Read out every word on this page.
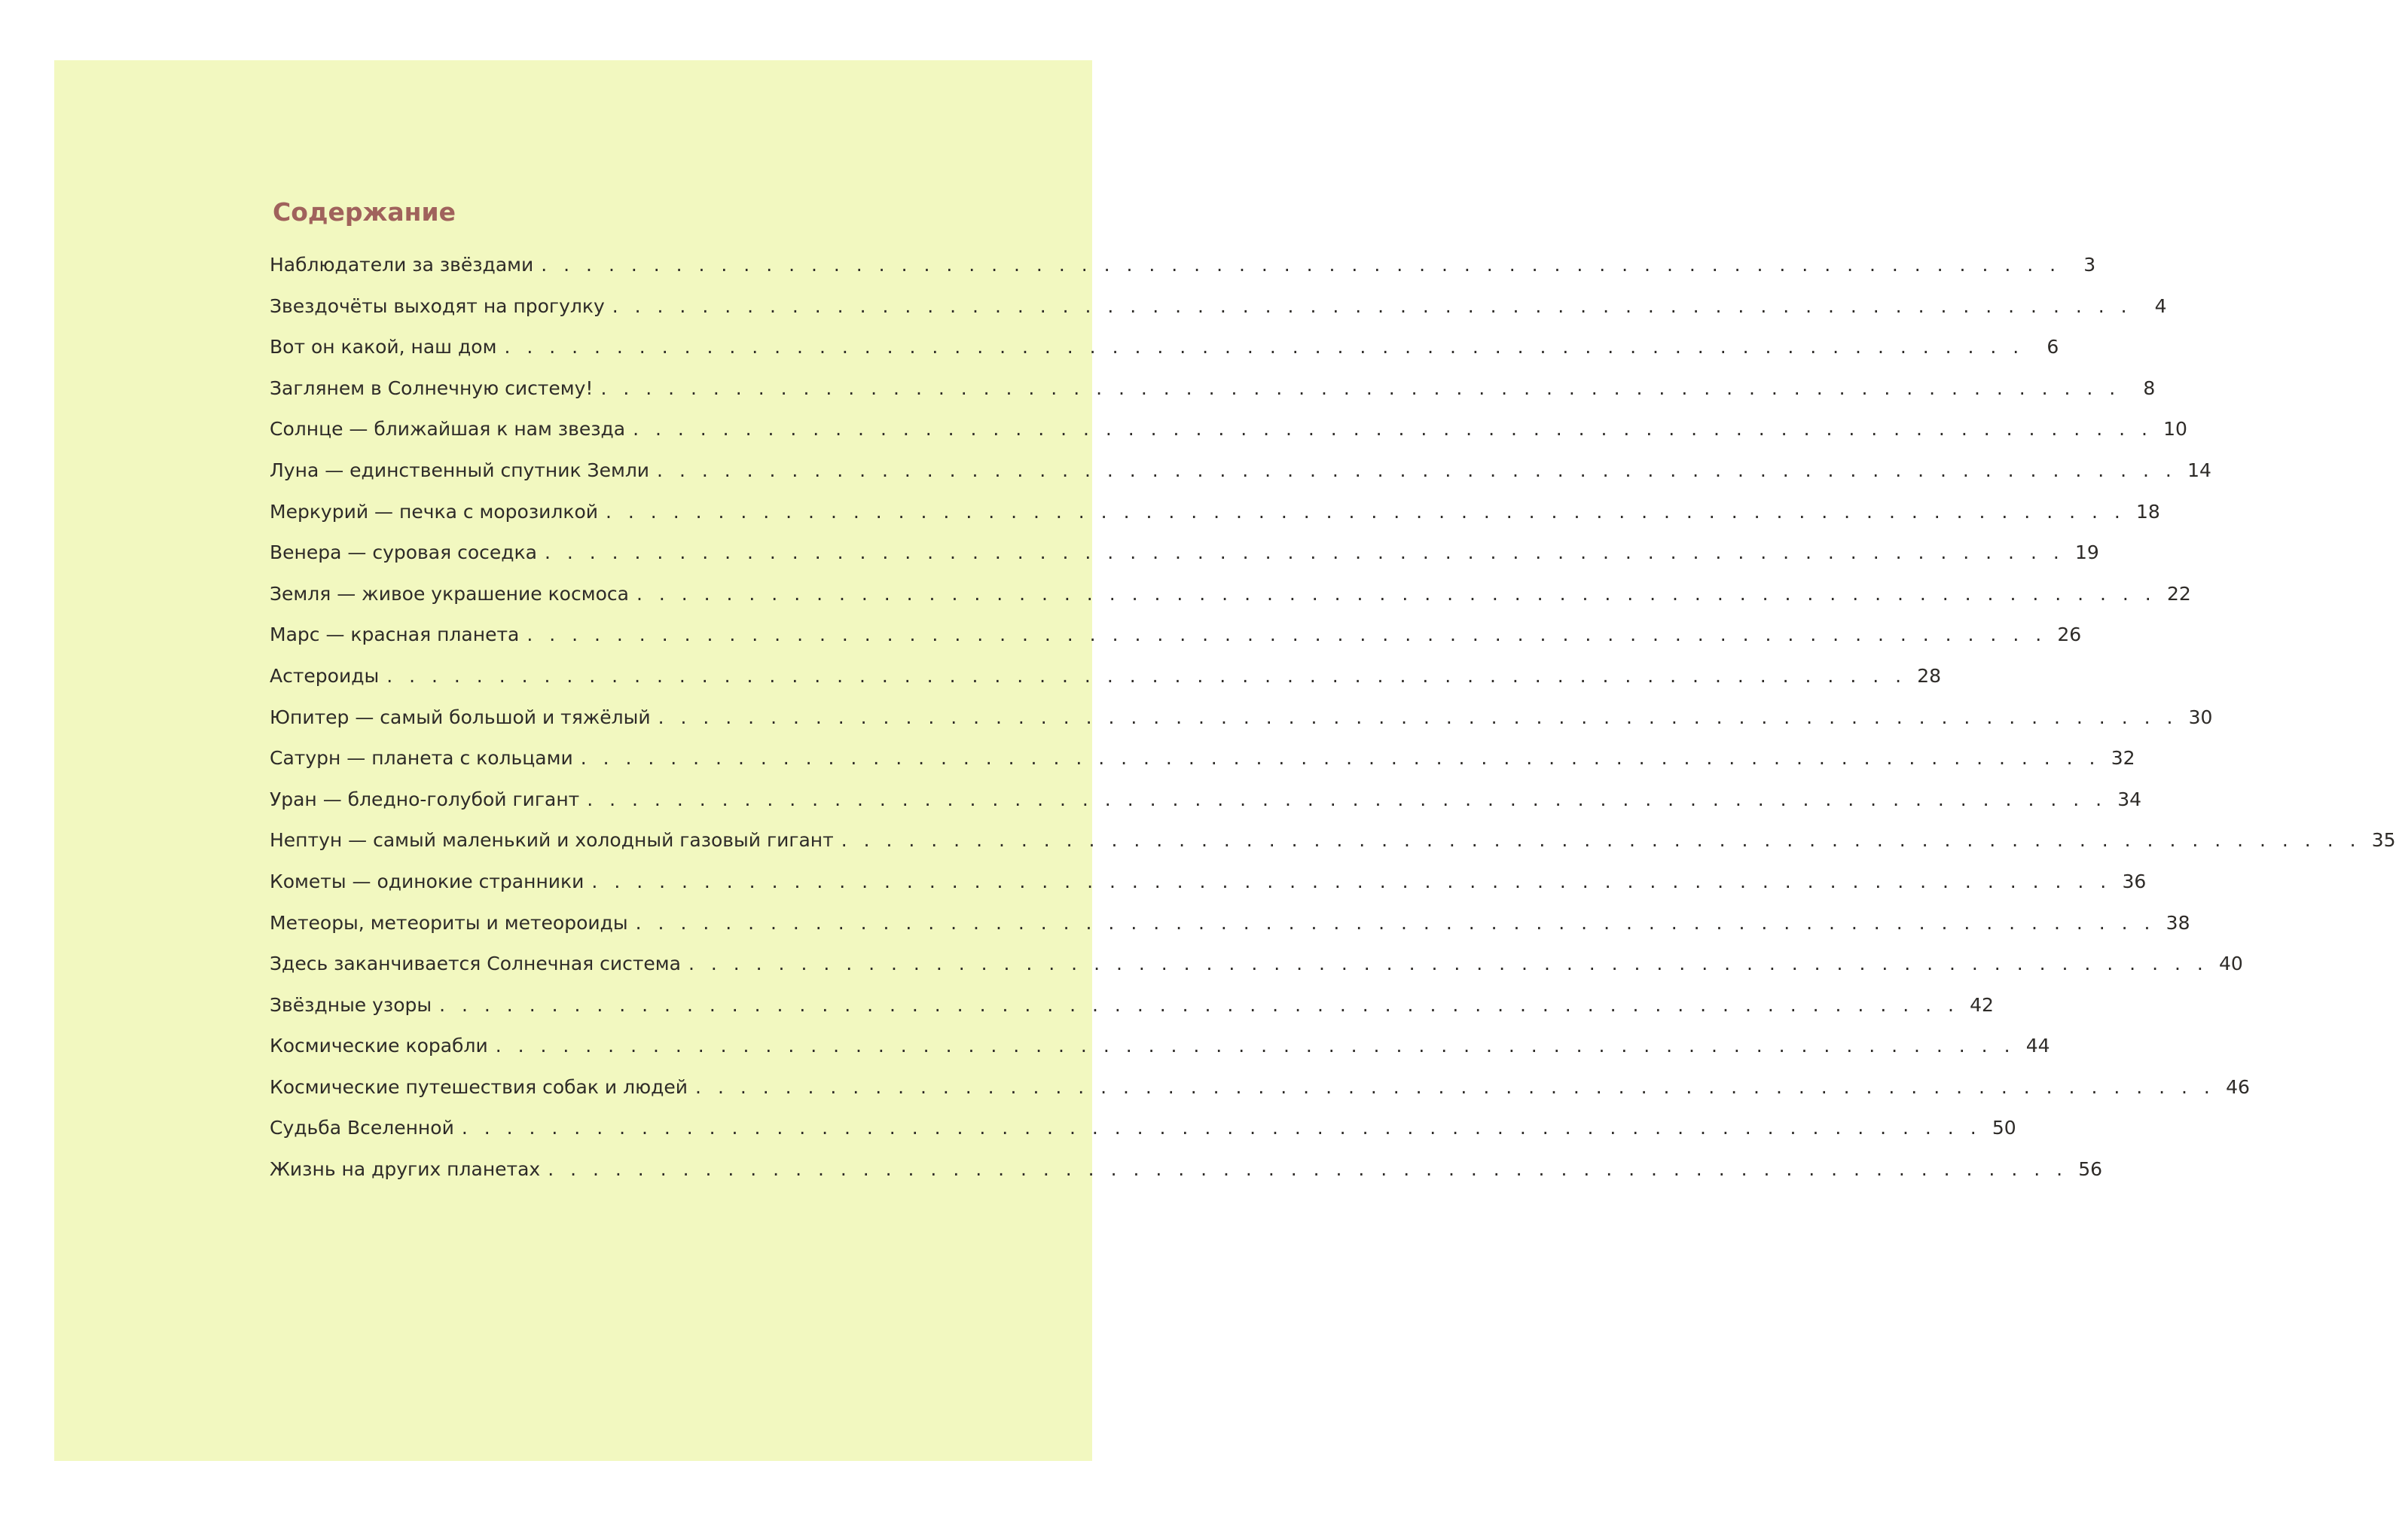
Содержание
Наблюдатели за звёздами . . . . . . . . . . . . . . . . . . . . . . . . . . . . . . . . . . . . . . . . . . . . . . . . . . . . . . . . . . . . . . . . . . . .	3
Звездочёты выходят на прогулку . . . . . . . . . . . . . . . . . . . . . . . . . . . . . . . . . . . . . . . . . . . . . . . . . . . . . . . . . . . . . . . . . . . .	4
Вот он какой, наш дом . . . . . . . . . . . . . . . . . . . . . . . . . . . . . . . . . . . . . . . . . . . . . . . . . . . . . . . . . . . . . . . . . . . .	6
Заглянем в Солнечную систему! . . . . . . . . . . . . . . . . . . . . . . . . . . . . . . . . . . . . . . . . . . . . . . . . . . . . . . . . . . . . . . . . . . . .	8
Солнце — ближайшая к нам звезда . . . . . . . . . . . . . . . . . . . . . . . . . . . . . . . . . . . . . . . . . . . . . . . . . . . . . . . . . . . . . . . . . . . . 10
Луна — единственный спутник Земли . . . . . . . . . . . . . . . . . . . . . . . . . . . . . . . . . . . . . . . . . . . . . . . . . . . . . . . . . . . . . . . . . . . . 14
Меркурий — печка с морозилкой . . . . . . . . . . . . . . . . . . . . . . . . . . . . . . . . . . . . . . . . . . . . . . . . . . . . . . . . . . . . . . . . . . . . 18
Венера — суровая соседка . . . . . . . . . . . . . . . . . . . . . . . . . . . . . . . . . . . . . . . . . . . . . . . . . . . . . . . . . . . . . . . . . . . . 19
Земля — живое украшение космоса . . . . . . . . . . . . . . . . . . . . . . . . . . . . . . . . . . . . . . . . . . . . . . . . . . . . . . . . . . . . . . . . . . . . 22
Марс — красная планета . . . . . . . . . . . . . . . . . . . . . . . . . . . . . . . . . . . . . . . . . . . . . . . . . . . . . . . . . . . . . . . . . . . . 26
Астероиды . . . . . . . . . . . . . . . . . . . . . . . . . . . . . . . . . . . . . . . . . . . . . . . . . . . . . . . . . . . . . . . . . . . . 28
Юпитер — самый большой и тяжёлый . . . . . . . . . . . . . . . . . . . . . . . . . . . . . . . . . . . . . . . . . . . . . . . . . . . . . . . . . . . . . . . . . . . . 30
Сатурн — планета с кольцами . . . . . . . . . . . . . . . . . . . . . . . . . . . . . . . . . . . . . . . . . . . . . . . . . . . . . . . . . . . . . . . . . . . . 32
Уран — бледно-голубой гигант . . . . . . . . . . . . . . . . . . . . . . . . . . . . . . . . . . . . . . . . . . . . . . . . . . . . . . . . . . . . . . . . . . . . 34
Нептун — самый маленький и холодный газовый гигант . . . . . . . . . . . . . . . . . . . . . . . . . . . . . . . . . . . . . . . . . . . . . . . . . . . . . . . . . . . . . . . . . . . . 35
Кометы — одинокие странники . . . . . . . . . . . . . . . . . . . . . . . . . . . . . . . . . . . . . . . . . . . . . . . . . . . . . . . . . . . . . . . . . . . . 36
Метеоры, метеориты и метеороиды . . . . . . . . . . . . . . . . . . . . . . . . . . . . . . . . . . . . . . . . . . . . . . . . . . . . . . . . . . . . . . . . . . . . 38
Здесь заканчивается Солнечная система . . . . . . . . . . . . . . . . . . . . . . . . . . . . . . . . . . . . . . . . . . . . . . . . . . . . . . . . . . . . . . . . . . . . 40
Звёздные узоры . . . . . . . . . . . . . . . . . . . . . . . . . . . . . . . . . . . . . . . . . . . . . . . . . . . . . . . . . . . . . . . . . . . . 42
Космические корабли . . . . . . . . . . . . . . . . . . . . . . . . . . . . . . . . . . . . . . . . . . . . . . . . . . . . . . . . . . . . . . . . . . . . 44
Космические путешествия собак и людей . . . . . . . . . . . . . . . . . . . . . . . . . . . . . . . . . . . . . . . . . . . . . . . . . . . . . . . . . . . . . . . . . . . . 46
Судьба Вселенной . . . . . . . . . . . . . . . . . . . . . . . . . . . . . . . . . . . . . . . . . . . . . . . . . . . . . . . . . . . . . . . . . . . . 50
Жизнь на других планетах . . . . . . . . . . . . . . . . . . . . . . . . . . . . . . . . . . . . . . . . . . . . . . . . . . . . . . . . . . . . . . . . . . . . 56
